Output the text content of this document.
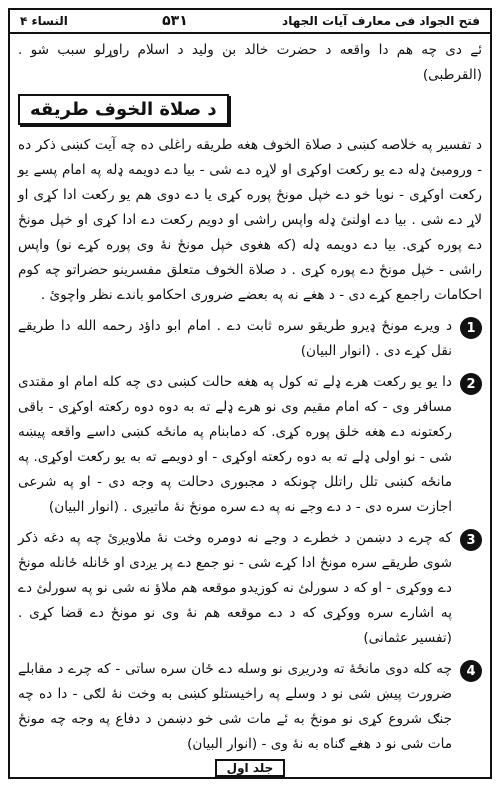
النساء ۴	۵۳۱	فتح الجواد فی معارف آیات الجهاد

ئے دی چه هم دا واقعه د حضرت خالد بن ولید د اسلام راوړلو سبب شو . (القرطبی)

د صلاة الخوف طريقه

د تفسیر په خلاصه کښی د صلاة الخوف هغه طریقه راغلی ده چه آیت کښی ذکر ده - ورومبئ ډله دے یو رکعت اوکړی او لاړه دے شی - بیا دے دویمه ډله په امام پسے یو رکعت اوکړی - نویا خو دے خپل مونځ پوره کړی یا دے دوی هم یو رکعت ادا کړی او لاړ دے شی . بیا دے اولنئ ډله واپس راشی او دویم رکعت دے ادا کړی او خپل مونځ دے پوره کړی. بیا دے دویمه ډله (که هغوی خپل مونځ نهٔ وی پوره کړے نو) واپس راشی - خپل مونځ دے پوره کړی . د صلاة الخوف متعلق مفسرینو حضراتو چه کوم احکامات راجمع کړے دی - د هغے نه په بعضے ضروری احکامو باندے نظر واچوئ .

1
د ویرے مونځ ډیرو طریقو سره ثابت دے . امام ابو داؤد رحمه الله دا طریقے نقل کړے دی . (انوار البیان)
2
دا یو یو رکعت هرے ډلے ته کول په هغه حالت کښی دی چه کله امام او مقتدی مسافر وی - که امام مقیم وی نو هرے ډلے ته به دوه دوه رکعته اوکړی - باقی رکعتونه دے هغه خلق پوره کړی. که دمابنام په مانځه کښی داسے واقعه پیښه شی - نو اولی ډلے ته به دوه رکعته اوکړی - او دویمے ته به یو رکعت اوکړی. په مانځه کښی تلل راتلل چونکه د مجبوری دحالت په وجه دی - او په شرعی اجازت سره دی - د دے وجے نه په دے سره مونځ نهٔ ماتیږی . (انوار البیان)
3
که چرے د دښمن د خطرے د وجے نه دومره وخت نهٔ ملاویږئ چه په دغه ذکر شوی طریقے سره مونځ ادا کړے شی - نو جمع دے پر یږدی او ځانله ځانله مونځ دے ووکړی - او که د سورلئ نه کوزیدو موقعه هم ملاؤ نه شی نو په سورلئ دے په اشارے سره ووکړی که د دے موقعه هم نهٔ وی نو مونځ دے قضا کړی . (تفسیر عثمانی)
4
چه کله دوی مانځهٔ ته ودریږی نو وسله دے ځان سره ساتی - که چرے د مقابلے ضرورت پیښ شی نو د وسلے په راخیستلو کښی به وخت نهٔ لګی - دا ده چه جنګ شروع کړی نو مونځ به ئے مات شی خو دښمن د دفاع په وجه چه مونځ مات شی نو د هغے ګناه به نهٔ وی - (انوار البیان)
جلد اول
